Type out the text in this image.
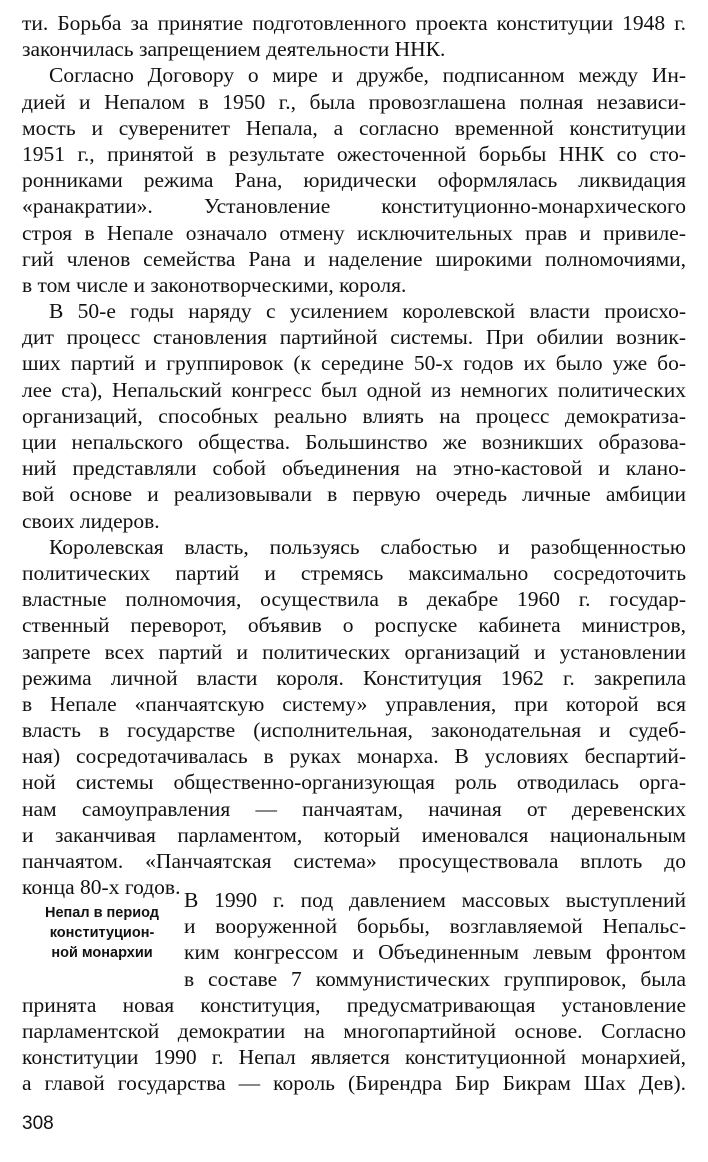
ти. Борьба за принятие подготовленного проекта конституции 1948 г.
закончилась запрещением деятельности ННК.
Согласно Договору о мире и дружбе, подписанном между Ин-
дией и Непалом в 1950 г., была провозглашена полная независи-
мость и суверенитет Непала, а согласно временной конституции
1951 г., принятой в результате ожесточенной борьбы ННК со сто-
ронниками режима Рана, юридически оформлялась ликвидация
«ранакратии». Установление конституционно-монархического
строя в Непале означало отмену исключительных прав и привиле-
гий членов семейства Рана и наделение широкими полномочиями,
в том числе и законотворческими, короля.
В 50-е годы наряду с усилением королевской власти происхо-
дит процесс становления партийной системы. При обилии возник-
ших партий и группировок (к середине 50-х годов их было уже бо-
лее ста), Непальский конгресс был одной из немногих политических
организаций, способных реально влиять на процесс демократиза-
ции непальского общества. Большинство же возникших образова-
ний представляли собой объединения на этно-кастовой и клано-
вой основе и реализовывали в первую очередь личные амбиции
своих лидеров.
Королевская власть, пользуясь слабостью и разобщенностью
политических партий и стремясь максимально сосредоточить
властные полномочия, осуществила в декабре 1960 г. государ-
ственный переворот, объявив о роспуске кабинета министров,
запрете всех партий и политических организаций и установлении
режима личной власти короля. Конституция 1962 г. закрепила
в Непале «панчаятскую систему» управления, при которой вся
власть в государстве (исполнительная, законодательная и судеб-
ная) сосредотачивалась в руках монарха. В условиях беспартий-
ной системы общественно-организующая роль отводилась орга-
нам самоуправления — панчаятам, начиная от деревенских
и заканчивая парламентом, который именовался национальным
панчаятом. «Панчаятская система» просуществовала вплоть до
конца 80-х годов.
Непал в период
конституцион-
ной монархии
В 1990 г. под давлением массовых выступлений
и вооруженной борьбы, возглавляемой Непальс-
ким конгрессом и Объединенным левым фронтом
в составе 7 коммунистических группировок, была
принята новая конституция, предусматривающая установление
парламентской демократии на многопартийной основе. Согласно
конституции 1990 г. Непал является конституционной монархией,
а главой государства — король (Бирендра Бир Бикрам Шах Дев).
308
